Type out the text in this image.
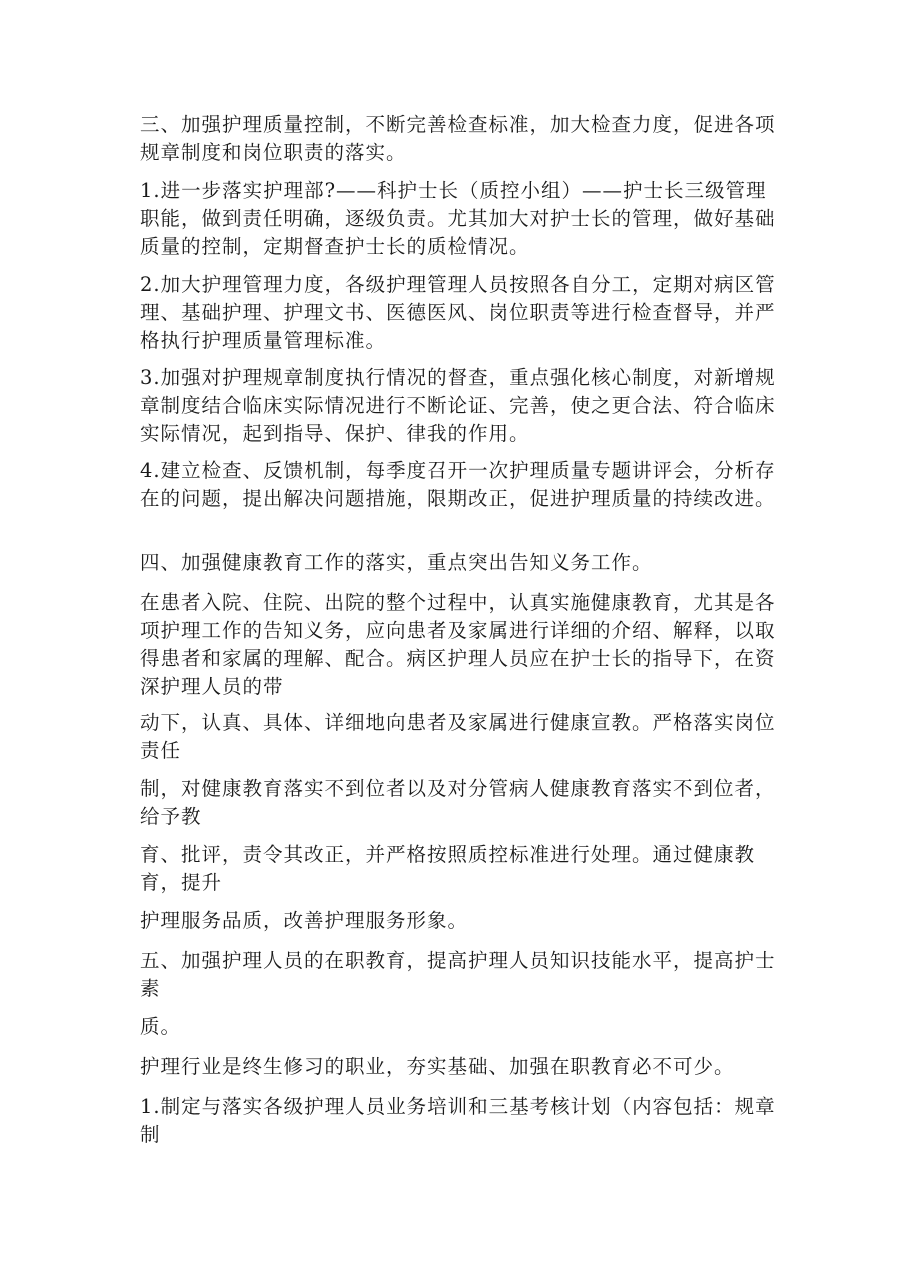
三、加强护理质量控制，不断完善检查标准，加大检查力度，促进各项规章制度和岗位职责的落实。

1.进一步落实护理部?——科护士长（质控小组）——护士长三级管理职能，做到责任明确，逐级负责。尤其加大对护士长的管理，做好基础质量的控制，定期督查护士长的质检情况。

2.加大护理管理力度，各级护理管理人员按照各自分工，定期对病区管理、基础护理、护理文书、医德医风、岗位职责等进行检查督导，并严格执行护理质量管理标准。

3.加强对护理规章制度执行情况的督查，重点强化核心制度，对新增规章制度结合临床实际情况进行不断论证、完善，使之更合法、符合临床实际情况，起到指导、保护、律我的作用。

4.建立检查、反馈机制，每季度召开一次护理质量专题讲评会，分析存在的问题，提出解决问题措施，限期改正，促进护理质量的持续改进。

四、加强健康教育工作的落实，重点突出告知义务工作。

在患者入院、住院、出院的整个过程中，认真实施健康教育，尤其是各项护理工作的告知义务，应向患者及家属进行详细的介绍、解释，以取得患者和家属的理解、配合。病区护理人员应在护士长的指导下，在资深护理人员的带

动下，认真、具体、详细地向患者及家属进行健康宣教。严格落实岗位责任

制，对健康教育落实不到位者以及对分管病人健康教育落实不到位者，给予教

育、批评，责令其改正，并严格按照质控标准进行处理。通过健康教育，提升

护理服务品质，改善护理服务形象。

五、加强护理人员的在职教育，提高护理人员知识技能水平，提高护士素

质。

护理行业是终生修习的职业，夯实基础、加强在职教育必不可少。

1.制定与落实各级护理人员业务培训和三基考核计划（内容包括：规章制
